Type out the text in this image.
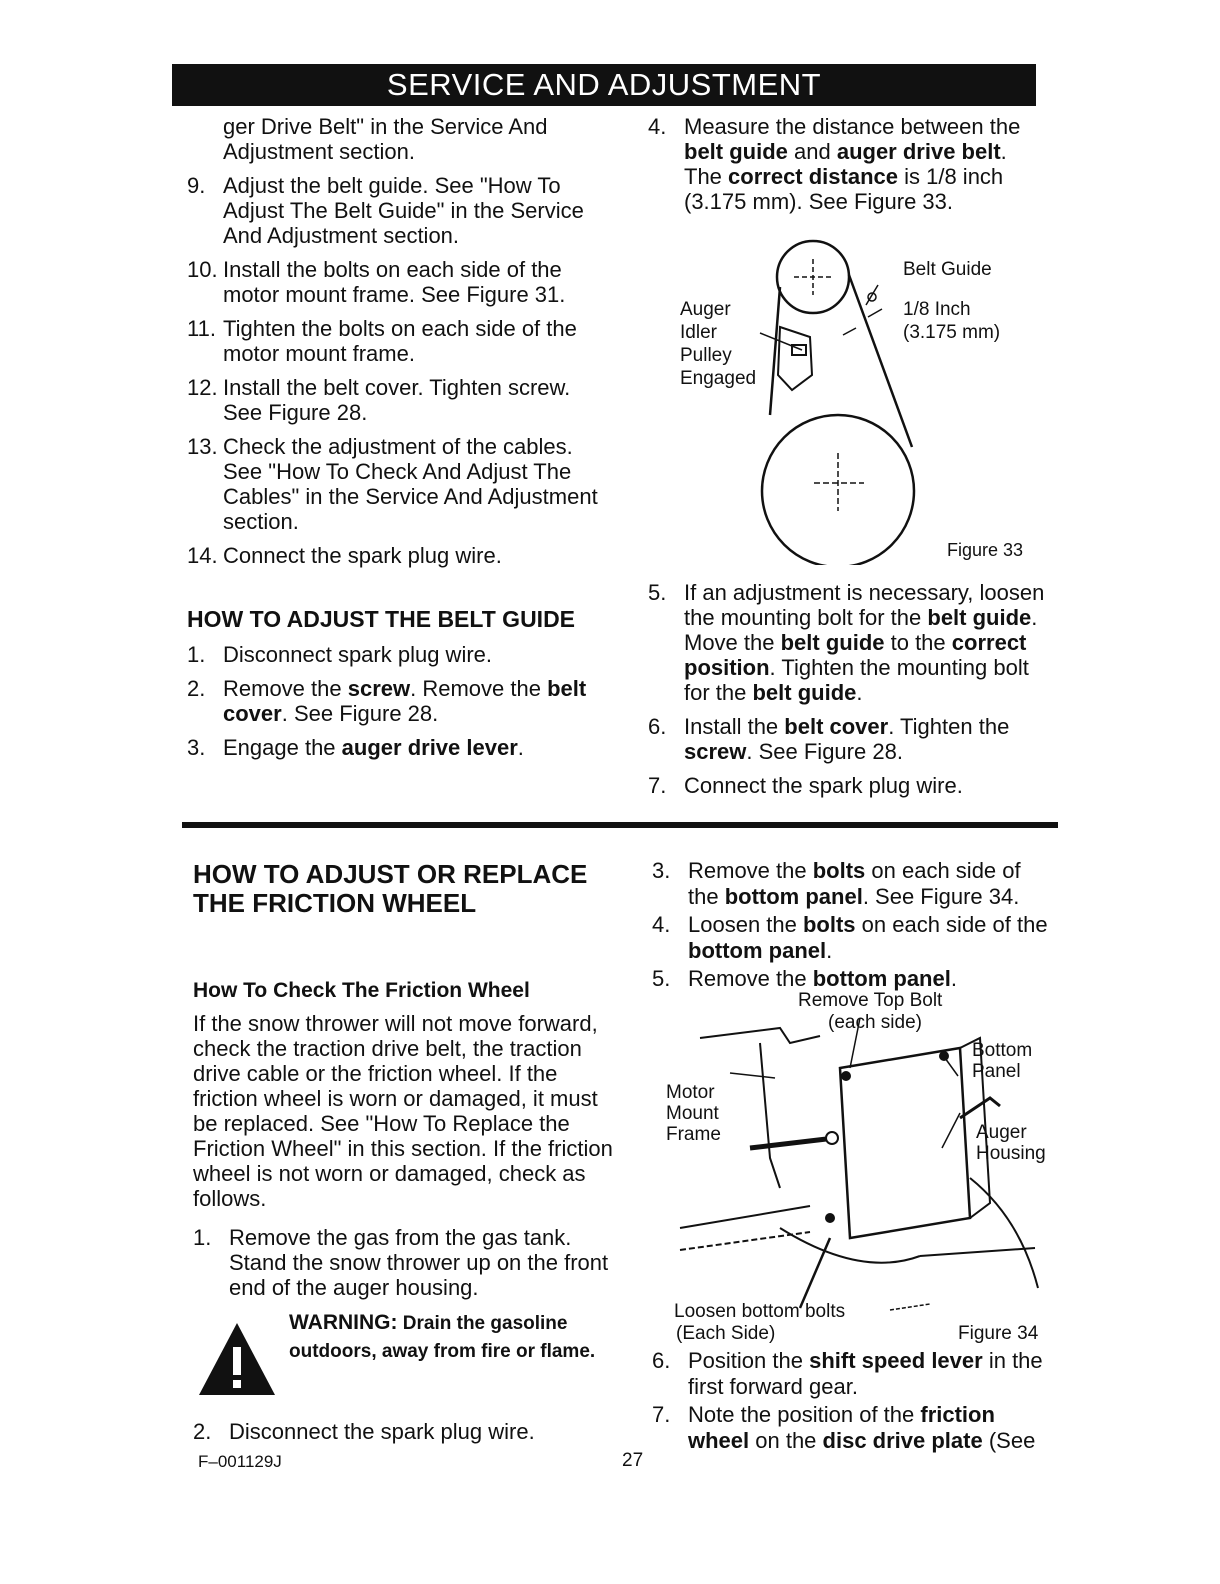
SERVICE AND ADJUSTMENT
ger Drive Belt" in the Service And
Adjustment section.
9. Adjust the belt guide. See "How To Adjust The Belt Guide" in the Service And Adjustment section.
10. Install the bolts on each side of the motor mount frame. See Figure 31.
11. Tighten the bolts on each side of the motor mount frame.
12. Install the belt cover. Tighten screw. See Figure 28.
13. Check the adjustment of the cables. See "How To Check And Adjust The Cables" in the Service And Adjustment section.
14. Connect the spark plug wire.
HOW TO ADJUST THE BELT GUIDE
1. Disconnect spark plug wire.
2. Remove the screw. Remove the belt cover. See Figure 28.
3. Engage the auger drive lever.
4. Measure the distance between the belt guide and auger drive belt. The correct distance is 1/8 inch (3.175 mm). See Figure 33.
Belt Guide
1/8 Inch
(3.175 mm)
Auger
Idler
Pulley
Engaged
Figure 33
5. If an adjustment is necessary, loosen the mounting bolt for the belt guide. Move the belt guide to the correct position. Tighten the mounting bolt for the belt guide.
6. Install the belt cover. Tighten the screw. See Figure 28.
7. Connect the spark plug wire.
HOW TO ADJUST OR REPLACE
THE FRICTION WHEEL
How To Check The Friction Wheel

If the snow thrower will not move forward, check the traction drive belt, the traction drive cable or the friction wheel. If the friction wheel is worn or damaged, it must be replaced. See "How To Replace the Friction Wheel" in this section. If the friction wheel is not worn or damaged, check as follows.

1. Remove the gas from the gas tank. Stand the snow thrower up on the front end of the auger housing.
WARNING: Drain the gasoline outdoors, away from fire or flame.
2. Disconnect the spark plug wire.
3. Remove the bolts on each side of the bottom panel. See Figure 34.
4. Loosen the bolts on each side of the bottom panel.
5. Remove the bottom panel.
Remove Top Bolt
(each side)
Bottom
Panel
Motor
Mount
Frame	Auger
Housing
Loosen bottom bolts
(Each Side)	Figure 34
6. Position the shift speed lever in the first forward gear.
7. Note the position of the friction wheel on the disc drive plate (See
F–001129J	27
